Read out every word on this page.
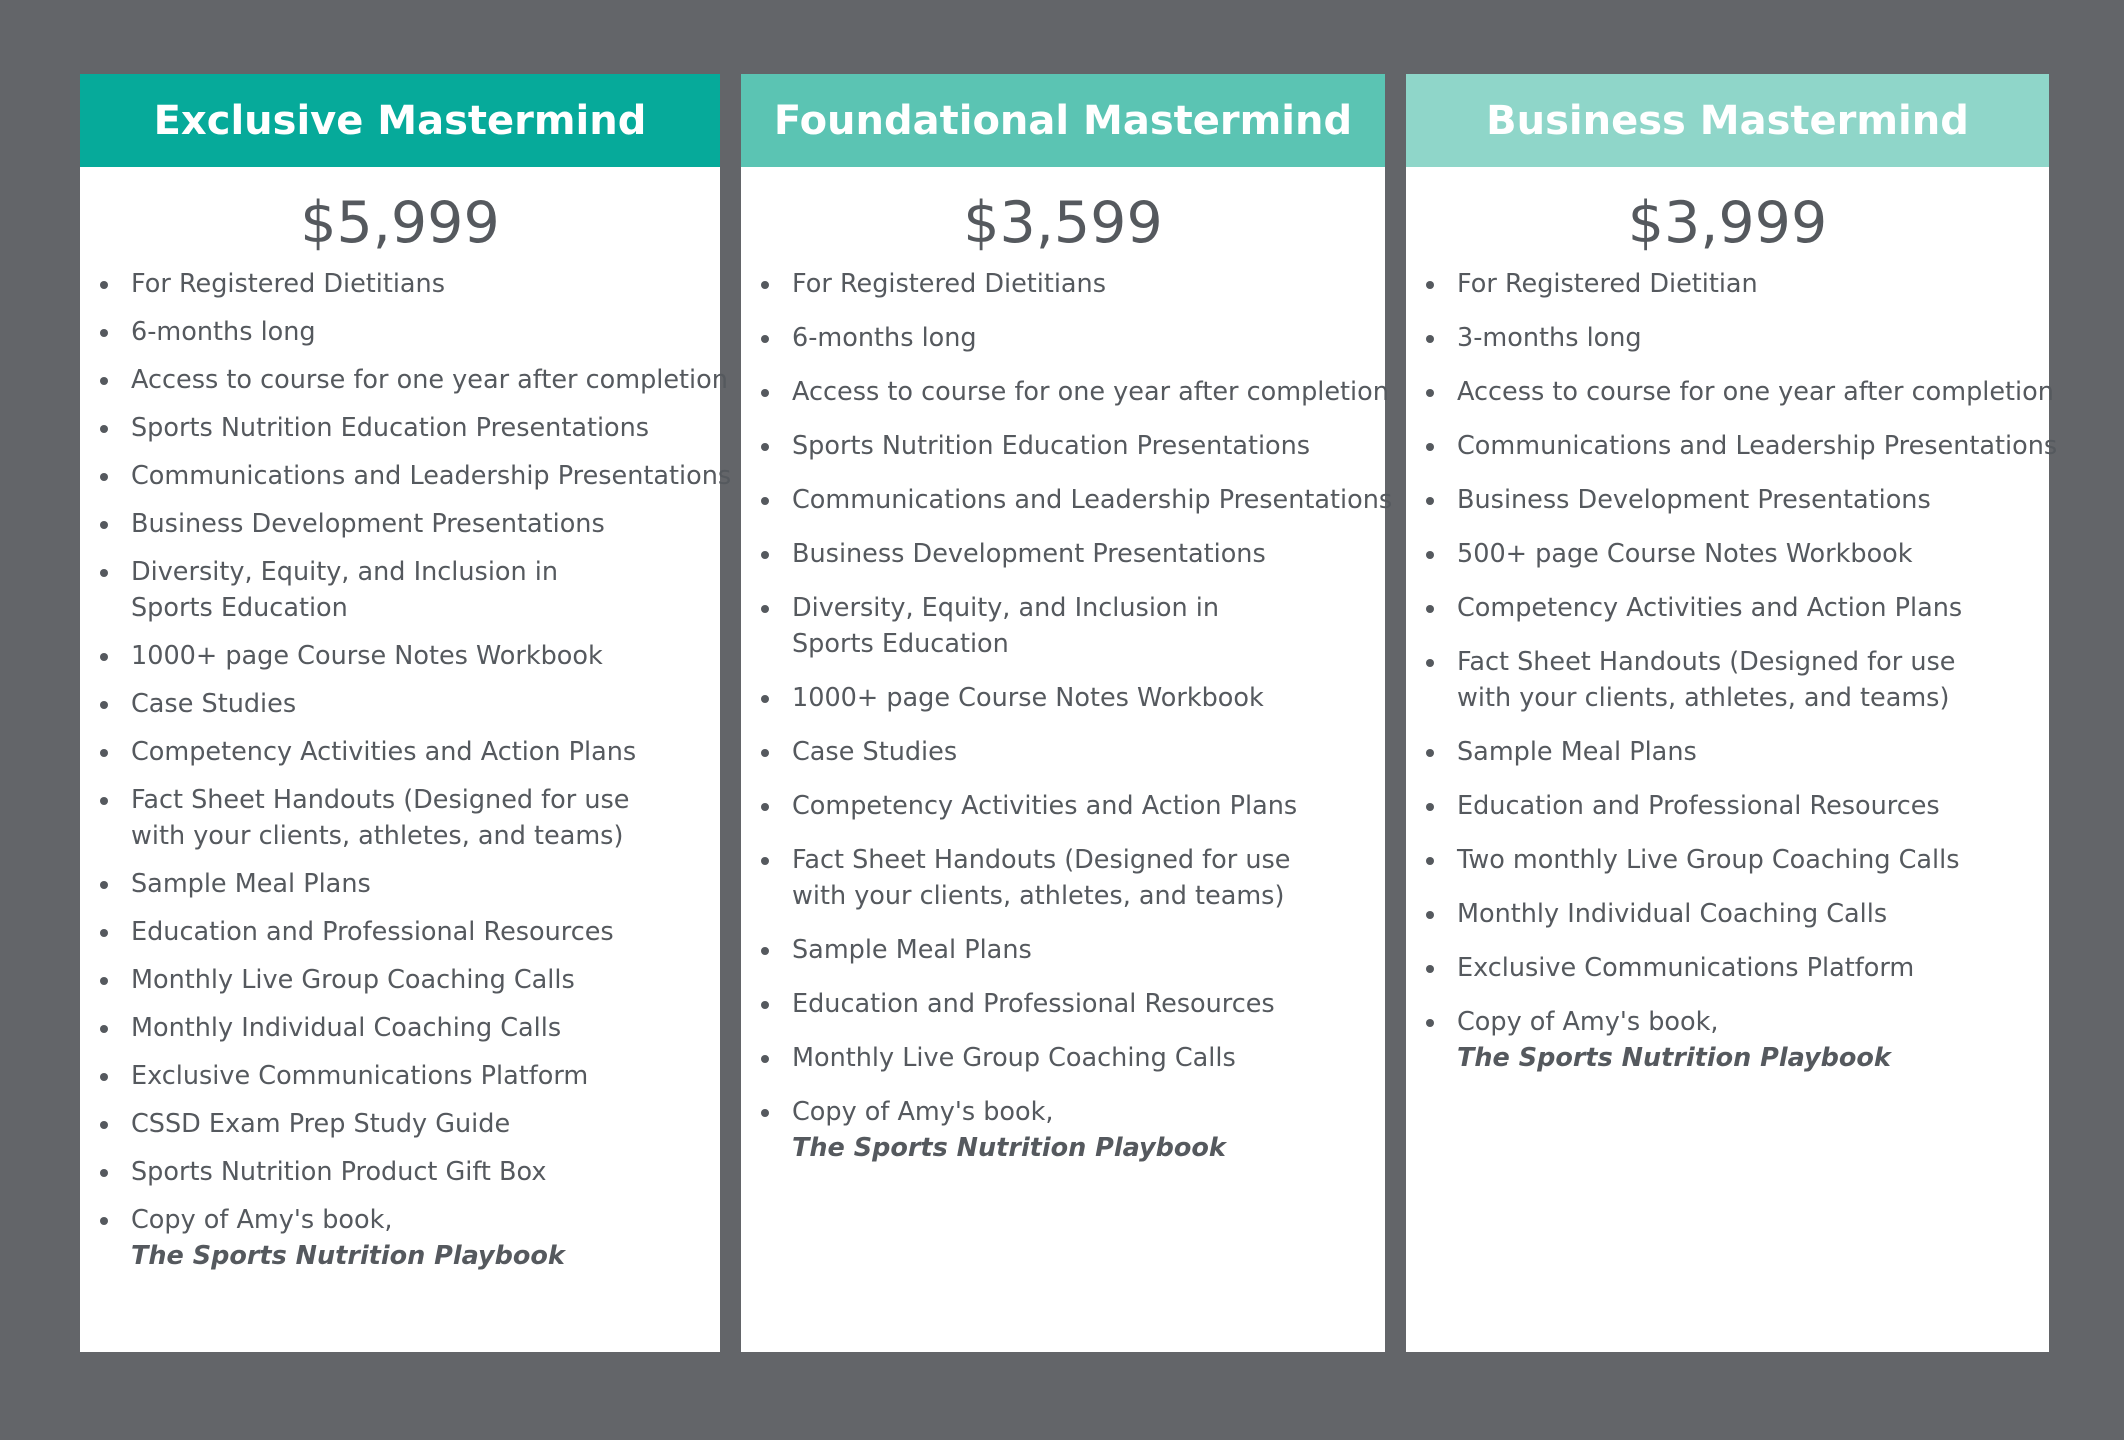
Exclusive Mastermind
$5,999
For Registered Dietitians
6-months long
Access to course for one year after completion
Sports Nutrition Education Presentations
Communications and Leadership Presentations
Business Development Presentations
Diversity, Equity, and Inclusion in
Sports Education
1000+ page Course Notes Workbook
Case Studies
Competency Activities and Action Plans
Fact Sheet Handouts (Designed for use
with your clients, athletes, and teams)
Sample Meal Plans
Education and Professional Resources
Monthly Live Group Coaching Calls
Monthly Individual Coaching Calls
Exclusive Communications Platform
CSSD Exam Prep Study Guide
Sports Nutrition Product Gift Box
Copy of Amy's book,
The Sports Nutrition Playbook
Foundational Mastermind
$3,599
For Registered Dietitians
6-months long
Access to course for one year after completion
Sports Nutrition Education Presentations
Communications and Leadership Presentations
Business Development Presentations
Diversity, Equity, and Inclusion in
Sports Education
1000+ page Course Notes Workbook
Case Studies
Competency Activities and Action Plans
Fact Sheet Handouts (Designed for use
with your clients, athletes, and teams)
Sample Meal Plans
Education and Professional Resources
Monthly Live Group Coaching Calls
Copy of Amy's book,
The Sports Nutrition Playbook
Business Mastermind
$3,999
For Registered Dietitian
3-months long
Access to course for one year after completion
Communications and Leadership Presentations
Business Development Presentations
500+ page Course Notes Workbook
Competency Activities and Action Plans
Fact Sheet Handouts (Designed for use
with your clients, athletes, and teams)
Sample Meal Plans
Education and Professional Resources
Two monthly Live Group Coaching Calls
Monthly Individual Coaching Calls
Exclusive Communications Platform
Copy of Amy's book,
The Sports Nutrition Playbook
